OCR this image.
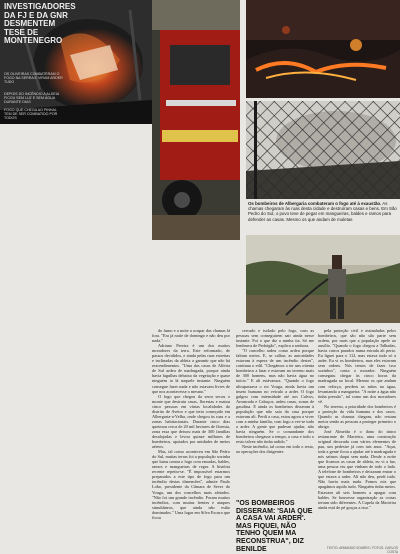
INVESTIGADORES DA FJ E DA GNR DESMENTEM TESE DE MONTENEGRO
OS OLIVEIRAS COMBATERAM O FOGO NA SERRA E VIRAM ARDER TUDO
DEPOIS DO INCÊNDIO A ALDEIA FICOU SEM LUZ E SEM ÁGUA DURANTE DIAS
FOGO QUE CHEGA AO PINHAL TEM DE SER COMBATIDO POR TODOS
Os bombeiros de Albergaria combateram o fogo até à exaustão. As chamas chegaram às ruas desta cidade e destruíram casas e bens. Em São Pedro do Sul, o povo teve de pegar em mangueiras, baldes e ramos para defender as casas. Mesmo os que andam de muletas

do fumo e a noite a ocupar das chamas lá fora. "Era já noite de domingo e não deu por nada."

Adriano Pereira é um dos muitos moradores da terra. Este reformado, de passos decididos, e ainda pelas ruas estreitas e inclinadas da aldeia a garantir que não há reacendimentos. "Uma das casas de Alfeira de Sul ardeu de madrugada, porque ainda havia fagulhas debaixo da vegetação e quase ninguém ia lá naquele instante. Ninguém consegue fazer nada e não estavam livres de que nos acontecesse o mesmo."

O fogo que chegou da serra secou o monte que destruiu casas, florestas e matou cinco pessoas em várias localidades do distrito de Aveiro e que teria começado em Albergaria-a-Velha, onde chegou às ruas e a zonas habitacionais. Durante cinco dias queimou cerca de 20 mil hectares de floresta, zona essa que deixou mais de 300 famílias desalojadas e levou quinze milhares de bombeiros, apoiados por unidades de meios aéreos.

Mas, tal como aconteceu em São Pedro do Sul, muitas terras foi a população sozinha que lutou contra o fogo com enxadas, baldes, ramos e mangueiras de regar. A história recente repetiu-se. "É impossível estarmos preparados a este tipo de fogo para um incêndio destas dimensões", admite Paulo Lobo, presidente da Câmara de Sever do Vouga, um dos concelhos mais afetados. "Não foi um grande incêndio. Foram muitos incêndios, com muitas frentes e ataques simultâneos, que ainda não estão dominados." Uma lugar em Silva Escura que ficou

cercado e isolado pelo fogo, com as pessoas sem conseguirem sair ainda nesse instante. Foi o que diz a minha tia. Só me lembrava de Pedrógão", explica a senhora.

"O concelho ardeu como ardeu porque faltam meios. E, se calhar, as autoridades estavam à espera de um incêndio destes", continua o edil. "Chegámos a ter uns oitenta bombeiros a lutar e estavam no terreno mais de 300 homens, mas não havia água no início." E ali estávamos. "Quando o fogo ultrapassava o rio Vouga, ainda havia um inseto humano no veículo a arder. O fogo galgou com intensidade até aos Calvos, Arrancada e Cabaços, ardeu casas, zonas de gasolina. E ainda os bombeiros disseram à população que não saia da casa porque estavam ali. Perdi a casa, estou agora a viver com a minha família, com fogo a ver-se tudo a arder. A gente que pudesse ajudar, não havia ninguém. Se o comandante dos bombeiros chegasse a tempo, a casa e todo o resto talvez não tinha ardido."

Neste incêndio, tal como em todo o resto, ao operações dos dirigentes

pela proteção civil e assinaladas pelos bombeiros, que são não são parte sem ordem, por mais que a população apele ao auxílio. "Quando o fogo chegou a Talhadas, havia carros parados numa estrada ali perto. Eu liguei para o 112, mas estava tudo só a arder. Eu vi os bombeiros, mas eles estavam sem ordens. Nós temos de fazer isso sozinhos", conta o morador. Ninguém conseguiu chegar às cinco horas da madrugada ao local. Mesmo os que andam com reforço, perdem as mãos na água, levantando a mangueira. "A noite a água não tinha pressão", tal como um dos moradores vê.

No terreno, a prioridade dos bombeiros é a proteção da vida humana e dos casos. Quando as chamas chegam, não restam meios senão as pessoas a proteger primeiro o abrigo.

José Almeida é o dono do único restaurante de Macieira, uma construção original decorada com vários elementos de pau, um pedestre já com tais anos. "Aqui, toda a gente ficou a ajudar até à madrugada e nós saímos daqui sem nada. Desde a noite que ficamos as casas de aldeia, eu vi a luz, uma pessoa viu que vinham de todo o lado. A telefone de bombeiros e deixaram entrar o que estava a arder. Ali não deu, perdi tudo. Não havia mais nada. Fomos nós que apagámos aquilo tudo. Ninguém tinha meios. Estavam ali seis homens a apagar com baldes. Se houvesse organização as coisas teriam sido diferentes. A Capela da Macieira ainda está de pé graças a isso."

"OS BOMBEIROS DISSERAM: 'SAIA QUE A CASA VAI ARDER'. MAS FIQUEI, NÃO TENHO QUEM MA RECONSTRUA", DIZ BENILDE	TEXTO: ARMANDO SOARES / FOTOS: CARLOS COSTA
